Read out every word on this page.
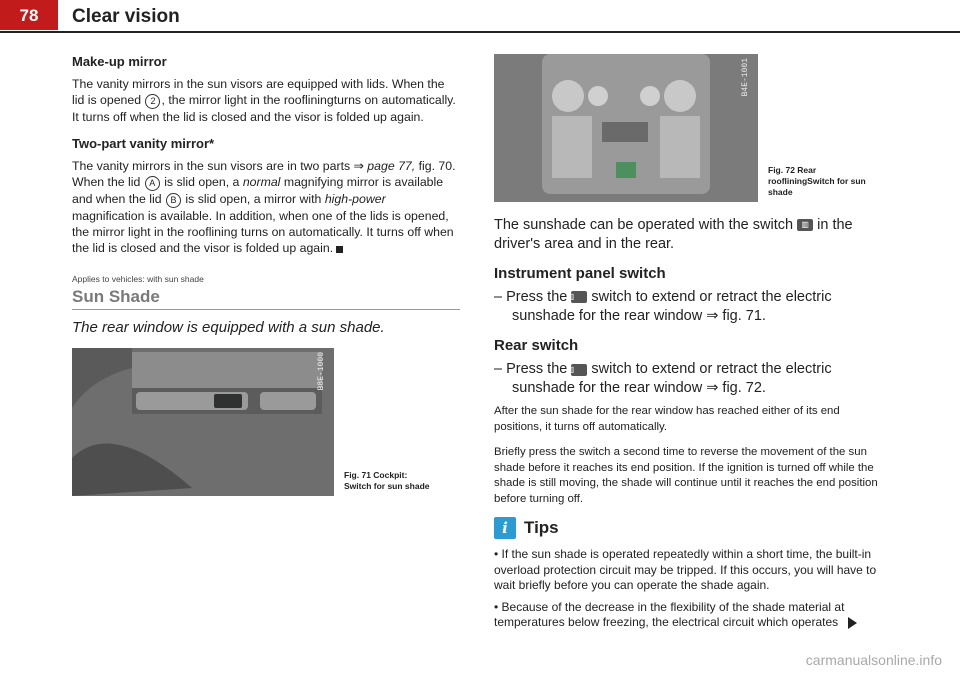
78	Clear vision
Make-up mirror

The vanity mirrors in the sun visors are equipped with lids. When the lid is opened 2 , the mirror light in the roofliningturns on automatically. It turns off when the lid is closed and the visor is folded up again.

Two-part vanity mirror*

The vanity mirrors in the sun visors are in two parts ⇒ page 77, fig. 70. When the lid A is slid open, a normal magnifying mirror is available and when the lid B is slid open, a mirror with high-power magnification is available. In addition, when one of the lids is opened, the mirror light in the rooflining turns on automatically. It turns off when the lid is closed and the visor is folded up again.

Applies to vehicles: with sun shade
Sun Shade
The rear window is equipped with a sun shade.
B8E-1000
Fig. 71 Cockpit:
Switch for sun shade
B4E-1001
Fig. 72 Rear roofliningSwitch for sun shade

The sunshade can be operated with the switch ▥ in the driver's area and in the rear.

Instrument panel switch

– Press the ▥ switch to extend or retract the electric sunshade for the rear window ⇒ fig. 71.

Rear switch

– Press the ▥ switch to extend or retract the electric sunshade for the rear window ⇒ fig. 72.

After the sun shade for the rear window has reached either of its end positions, it turns off automatically.

Briefly press the switch a second time to reverse the movement of the sun shade before it reaches its end position. If the ignition is turned off while the shade is still moving, the shade will continue until it reaches the end position before turning off.

i Tips

• If the sun shade is operated repeatedly within a short time, the built-in overload protection circuit may be tripped. If this occurs, you will have to wait briefly before you can operate the shade again.

• Because of the decrease in the flexibility of the shade material at temperatures below freezing, the electrical circuit which operates

carmanualsonline.info
